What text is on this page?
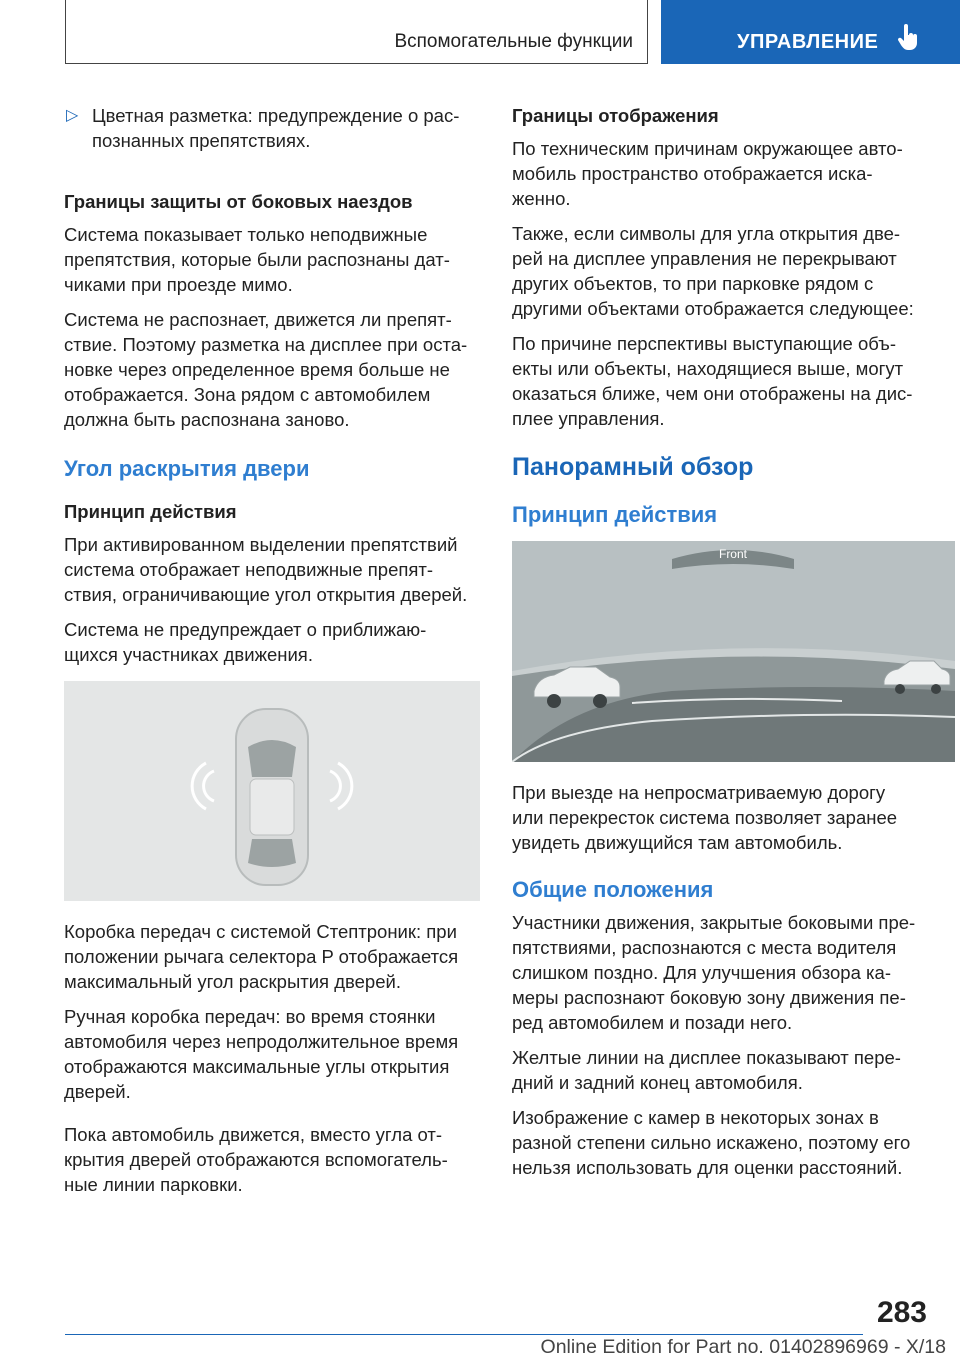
Вспомогательные функции	УПРАВЛЕНИЕ
▷ Цветная разметка: предупреждение о рас-
познанных препятствиях.
Границы защиты от боковых наездов

Система показывает только неподвижные
препятствия, которые были распознаны дат-
чиками при проезде мимо.

Система не распознает, движется ли препят-
ствие. Поэтому разметка на дисплее при оста-
новке через определенное время больше не
отображается. Зона рядом с автомобилем
должна быть распознана заново.

Угол раскрытия двери
Принцип действия

При активированном выделении препятствий
система отображает неподвижные препят-
ствия, ограничивающие угол открытия дверей.

Система не предупреждает о приближаю-
щихся участниках движения.

Коробка передач с системой Стептроник: при
положении рычага селектора P отображается
максимальный угол раскрытия дверей.

Ручная коробка передач: во время стоянки
автомобиля через непродолжительное время
отображаются максимальные углы открытия
дверей.

Пока автомобиль движется, вместо угла от-
крытия дверей отображаются вспомогатель-
ные линии парковки.

Границы отображения

По техническим причинам окружающее авто-
мобиль пространство отображается иска-
женно.

Также, если символы для угла открытия две-
рей на дисплее управления не перекрывают
других объектов, то при парковке рядом с
другими объектами отображается следующее:

По причине перспективы выступающие объ-
екты или объекты, находящиеся выше, могут
оказаться ближе, чем они отображены на дис-
плее управления.

Панорамный обзор
Принцип действия
Front

При выезде на непросматриваемую дорогу
или перекресток система позволяет заранее
увидеть движущийся там автомобиль.

Общие положения

Участники движения, закрытые боковыми пре-
пятствиями, распознаются с места водителя
слишком поздно. Для улучшения обзора ка-
меры распознают боковую зону движения пе-
ред автомобилем и позади него.

Желтые линии на дисплее показывают пере-
дний и задний конец автомобиля.

Изображение с камер в некоторых зонах в
разной степени сильно искажено, поэтому его
нельзя использовать для оценки расстояний.

283
Online Edition for Part no. 01402896969 - X/18
